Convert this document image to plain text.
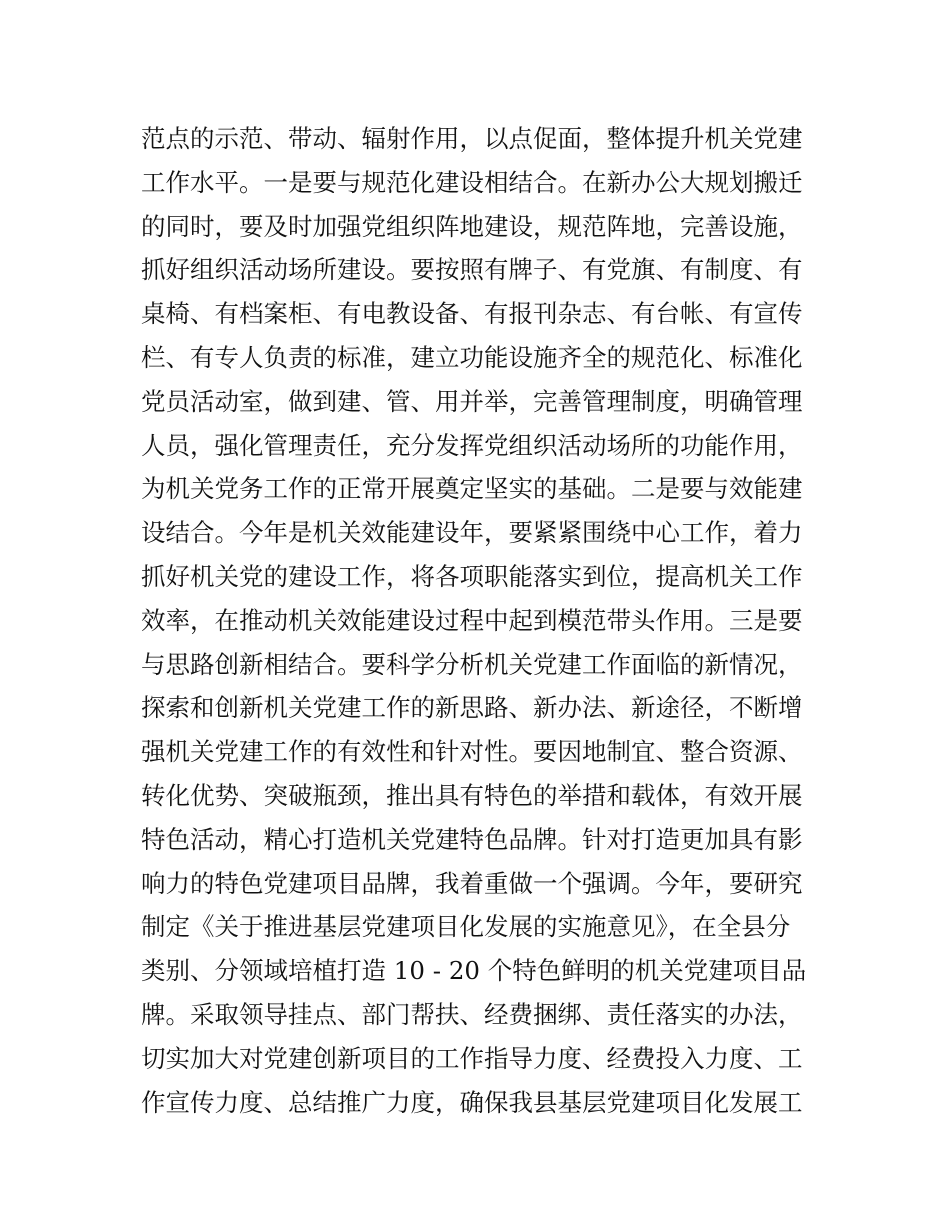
范点的示范、带动、辐射作用，以点促面，整体提升机关党建
工作水平。一是要与规范化建设相结合。在新办公大规划搬迁
的同时，要及时加强党组织阵地建设，规范阵地，完善设施，
抓好组织活动场所建设。要按照有牌子、有党旗、有制度、有
桌椅、有档案柜、有电教设备、有报刊杂志、有台帐、有宣传
栏、有专人负责的标准，建立功能设施齐全的规范化、标准化
党员活动室，做到建、管、用并举，完善管理制度，明确管理
人员，强化管理责任，充分发挥党组织活动场所的功能作用，
为机关党务工作的正常开展奠定坚实的基础。二是要与效能建
设结合。今年是机关效能建设年，要紧紧围绕中心工作，着力
抓好机关党的建设工作，将各项职能落实到位，提高机关工作
效率，在推动机关效能建设过程中起到模范带头作用。三是要
与思路创新相结合。要科学分析机关党建工作面临的新情况，
探索和创新机关党建工作的新思路、新办法、新途径，不断增
强机关党建工作的有效性和针对性。要因地制宜、整合资源、
转化优势、突破瓶颈，推出具有特色的举措和载体，有效开展
特色活动，精心打造机关党建特色品牌。针对打造更加具有影
响力的特色党建项目品牌，我着重做一个强调。今年，要研究
制定《关于推进基层党建项目化发展的实施意见》，在全县分
类别、分领域培植打造 10 - 20 个特色鲜明的机关党建项目品
牌。采取领导挂点、部门帮扶、经费捆绑、责任落实的办法，
切实加大对党建创新项目的工作指导力度、经费投入力度、工
作宣传力度、总结推广力度，确保我县基层党建项目化发展工
